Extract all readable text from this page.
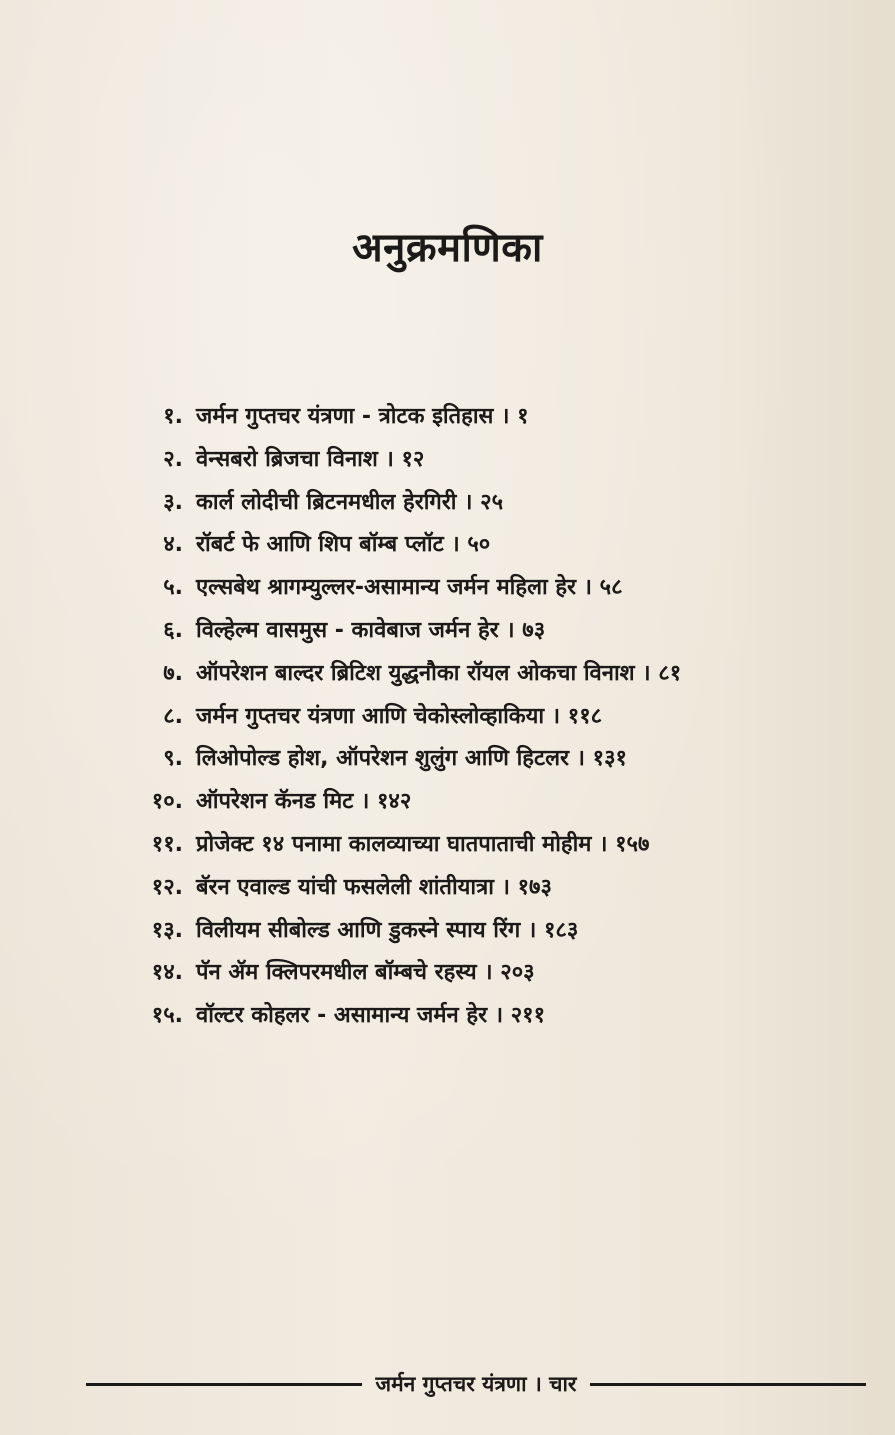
अनुक्रमणिका
१. जर्मन गुप्तचर यंत्रणा - त्रोटक इतिहास । १
२. वेन्सबरो ब्रिजचा विनाश । १२
३. कार्ल लोदीची ब्रिटनमधील हेरगिरी । २५
४. रॉबर्ट फे आणि शिप बॉम्ब प्लॉट । ५०
५. एल्सबेथ श्रागम्युल्लर-असामान्य जर्मन महिला हेर । ५८
६. विल्हेल्म वासमुस - कावेबाज जर्मन हेर । ७३
७. ऑपरेशन बाल्दर ब्रिटिश युद्धनौका रॉयल ओकचा विनाश । ८१
८. जर्मन गुप्तचर यंत्रणा आणि चेकोस्लोव्हाकिया । ११८
९. लिओपोल्ड होश, ऑपरेशन शुलुंग आणि हिटलर । १३१
१०. ऑपरेशन कॅनड मिट । १४२
११. प्रोजेक्ट १४ पनामा कालव्याच्या घातपाताची मोहीम । १५७
१२. बॅरन एवाल्ड यांची फसलेली शांतीयात्रा । १७३
१३. विलीयम सीबोल्ड आणि डुकस्ने स्पाय रिंग । १८३
१४. पॅन ॲम क्लिपरमधील बॉम्बचे रहस्य । २०३
१५. वॉल्टर कोहलर - असामान्य जर्मन हेर । २११
जर्मन गुप्तचर यंत्रणा । चार
